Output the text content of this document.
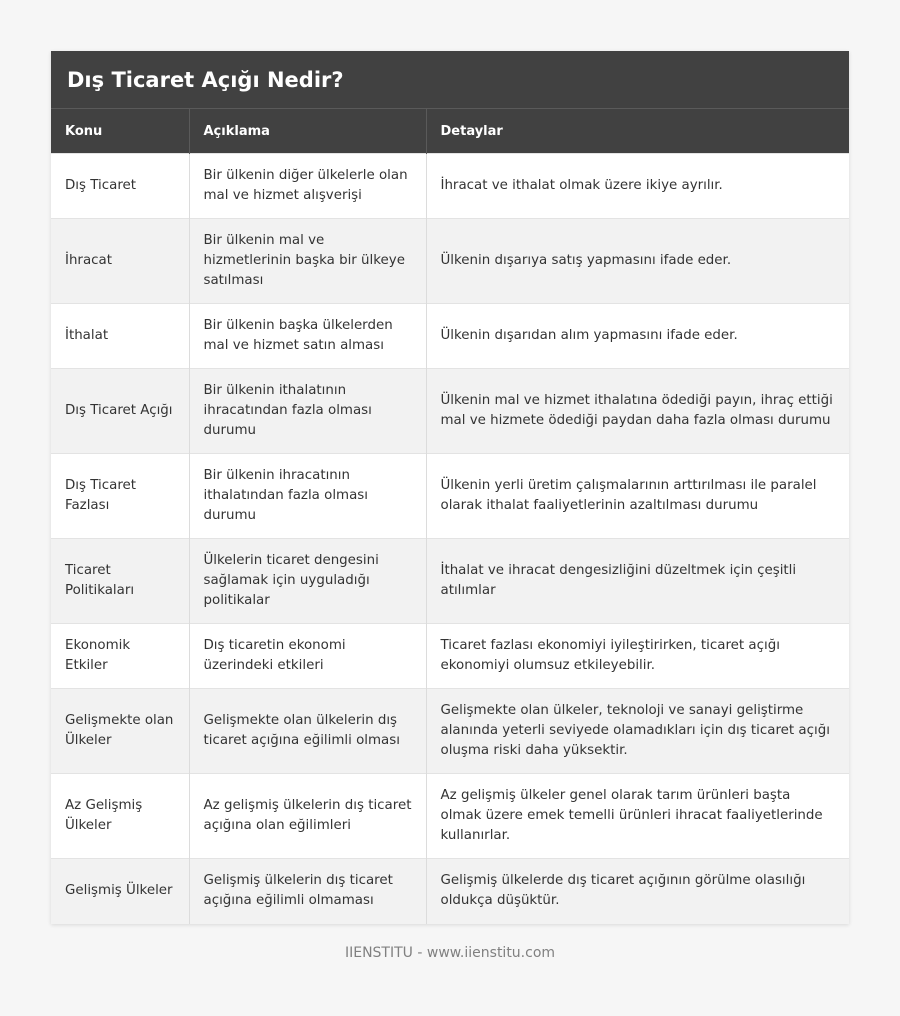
Dış Ticaret Açığı Nedir?
Konu	Açıklama	Detaylar
Dış Ticaret	Bir ülkenin diğer ülkelerle olan mal ve hizmet alışverişi	İhracat ve ithalat olmak üzere ikiye ayrılır.
İhracat	Bir ülkenin mal ve hizmetlerinin başka bir ülkeye satılması	Ülkenin dışarıya satış yapmasını ifade eder.
İthalat	Bir ülkenin başka ülkelerden mal ve hizmet satın alması	Ülkenin dışarıdan alım yapmasını ifade eder.
Dış Ticaret Açığı	Bir ülkenin ithalatının ihracatından fazla olması durumu	Ülkenin mal ve hizmet ithalatına ödediği payın, ihraç ettiği mal ve hizmete ödediği paydan daha fazla olması durumu
Dış Ticaret Fazlası	Bir ülkenin ihracatının ithalatından fazla olması durumu	Ülkenin yerli üretim çalışmalarının arttırılması ile paralel olarak ithalat faaliyetlerinin azaltılması durumu
Ticaret Politikaları	Ülkelerin ticaret dengesini sağlamak için uyguladığı politikalar	İthalat ve ihracat dengesizliğini düzeltmek için çeşitli atılımlar
Ekonomik Etkiler	Dış ticaretin ekonomi üzerindeki etkileri	Ticaret fazlası ekonomiyi iyileştirirken, ticaret açığı ekonomiyi olumsuz etkileyebilir.
Gelişmekte olan Ülkeler	Gelişmekte olan ülkelerin dış ticaret açığına eğilimli olması	Gelişmekte olan ülkeler, teknoloji ve sanayi geliştirme alanında yeterli seviyede olamadıkları için dış ticaret açığı oluşma riski daha yüksektir.
Az Gelişmiş Ülkeler	Az gelişmiş ülkelerin dış ticaret açığına olan eğilimleri	Az gelişmiş ülkeler genel olarak tarım ürünleri başta olmak üzere emek temelli ürünleri ihracat faaliyetlerinde kullanırlar.
Gelişmiş Ülkeler	Gelişmiş ülkelerin dış ticaret açığına eğilimli olmaması	Gelişmiş ülkelerde dış ticaret açığının görülme olasılığı oldukça düşüktür.
IIENSTITU - www.iienstitu.com
